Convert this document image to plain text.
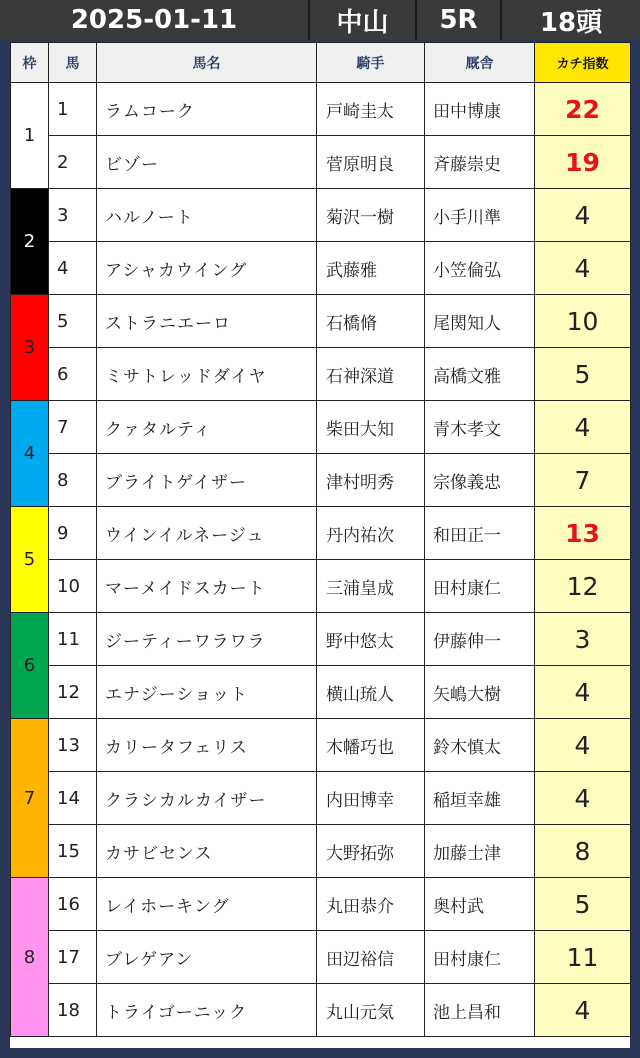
2025-01-11	中山	5R	18頭
枠	馬	馬名	騎手	厩舎	カチ指数
1	1	ラムコーク	戸崎圭太	田中博康	22
	2	ビゾー	菅原明良	斉藤崇史	19
2	3	ハルノート	菊沢一樹	小手川準	4
	4	アシャカウイング	武藤雅	小笠倫弘	4
3	5	ストラニエーロ	石橋脩	尾関知人	10
	6	ミサトレッドダイヤ	石神深道	高橋文雅	5
4	7	クァタルティ	柴田大知	青木孝文	4
	8	ブライトゲイザー	津村明秀	宗像義忠	7
5	9	ウインイルネージュ	丹内祐次	和田正一	13
	10	マーメイドスカート	三浦皇成	田村康仁	12
6	11	ジーティーワラワラ	野中悠太	伊藤伸一	3
	12	エナジーショット	横山琉人	矢嶋大樹	4
7	13	カリータフェリス	木幡巧也	鈴木慎太	4
	14	クラシカルカイザー	内田博幸	稲垣幸雄	4
	15	カサビセンス	大野拓弥	加藤士津	8
8	16	レイホーキング	丸田恭介	奥村武	5
	17	ブレゲアン	田辺裕信	田村康仁	11
	18	トライゴーニック	丸山元気	池上昌和	4
